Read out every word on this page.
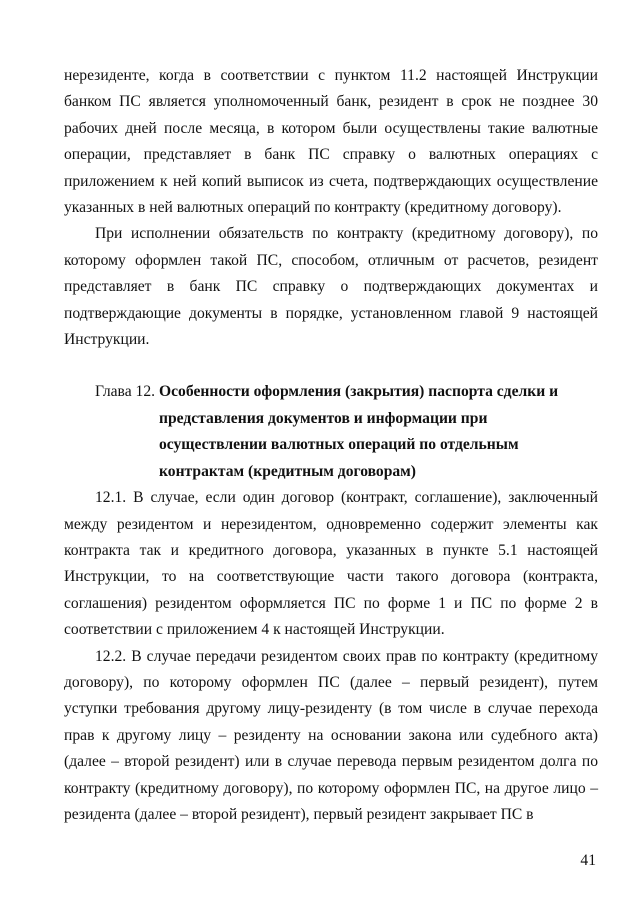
нерезиденте, когда в соответствии с пунктом 11.2 настоящей Инструкции банком ПС является уполномоченный банк, резидент в срок не позднее 30 рабочих дней после месяца, в котором были осуществлены такие валютные операции, представляет в банк ПС справку о валютных операциях с приложением к ней копий выписок из счета, подтверждающих осуществление указанных в ней валютных операций по контракту (кредитному договору).

При исполнении обязательств по контракту (кредитному договору), по которому оформлен такой ПС, способом, отличным от расчетов, резидент представляет в банк ПС справку о подтверждающих документах и подтверждающие документы в порядке, установленном главой 9 настоящей Инструкции.

Глава 12. Особенности оформления (закрытия) паспорта сделки и
представления документов и информации при
осуществлении валютных операций по отдельным
контрактам (кредитным договорам)

12.1. В случае, если один договор (контракт, соглашение), заключенный между резидентом и нерезидентом, одновременно содержит элементы как контракта так и кредитного договора, указанных в пункте 5.1 настоящей Инструкции, то на соответствующие части такого договора (контракта, соглашения) резидентом оформляется ПС по форме 1 и ПС по форме 2 в соответствии с приложением 4 к настоящей Инструкции.

12.2. В случае передачи резидентом своих прав по контракту (кредитному договору), по которому оформлен ПС (далее – первый резидент), путем уступки требования другому лицу-резиденту (в том числе в случае перехода прав к другому лицу – резиденту на основании закона или судебного акта) (далее – второй резидент) или в случае перевода первым резидентом долга по контракту (кредитному договору), по которому оформлен ПС, на другое лицо – резидента (далее – второй резидент), первый резидент закрывает ПС в

41
